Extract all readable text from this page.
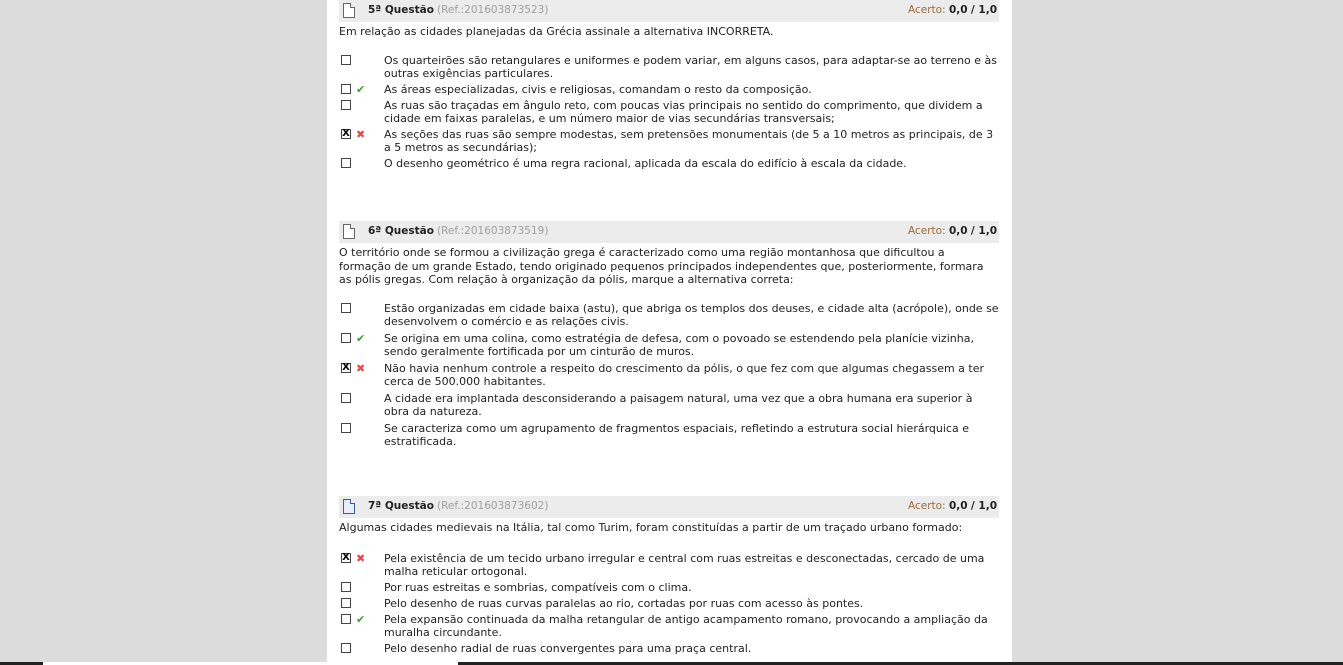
5ª Questão (Ref.:201603873523)	Acerto: 0,0 / 1,0
Em relação as cidades planejadas da Grécia assinale a alternativa INCORRETA.
Os quarteirões são retangulares e uniformes e podem variar, em alguns casos, para adaptar-se ao terreno e às outras exigências particulares.
✔ As áreas especializadas, civis e religiosas, comandam o resto da composição.
As ruas são traçadas em ângulo reto, com poucas vias principais no sentido do comprimento, que dividem a cidade em faixas paralelas, e um número maior de vias secundárias transversais;
X ✖ As seções das ruas são sempre modestas, sem pretensões monumentais (de 5 a 10 metros as principais, de 3 a 5 metros as secundárias);
O desenho geométrico é uma regra racional, aplicada da escala do edifício à escala da cidade.
6ª Questão (Ref.:201603873519)	Acerto: 0,0 / 1,0
O território onde se formou a civilização grega é caracterizado como uma região montanhosa que dificultou a formação de um grande Estado, tendo originado pequenos principados independentes que, posteriormente, formara as pólis gregas. Com relação à organização da pólis, marque a alternativa correta:
Estão organizadas em cidade baixa (astu), que abriga os templos dos deuses, e cidade alta (acrópole), onde se desenvolvem o comércio e as relações civis.
✔ Se origina em uma colina, como estratégia de defesa, com o povoado se estendendo pela planície vizinha, sendo geralmente fortificada por um cinturão de muros.
X ✖ Não havia nenhum controle a respeito do crescimento da pólis, o que fez com que algumas chegassem a ter cerca de 500.000 habitantes.
A cidade era implantada desconsiderando a paisagem natural, uma vez que a obra humana era superior à obra da natureza.
Se caracteriza como um agrupamento de fragmentos espaciais, refletindo a estrutura social hierárquica e estratificada.
7ª Questão (Ref.:201603873602)	Acerto: 0,0 / 1,0
Algumas cidades medievais na Itália, tal como Turim, foram constituídas a partir de um traçado urbano formado:
X ✖ Pela existência de um tecido urbano irregular e central com ruas estreitas e desconectadas, cercado de uma malha reticular ortogonal.
Por ruas estreitas e sombrias, compatíveis com o clima.
Pelo desenho de ruas curvas paralelas ao rio, cortadas por ruas com acesso às pontes.
✔ Pela expansão continuada da malha retangular de antigo acampamento romano, provocando a ampliação da muralha circundante.
Pelo desenho radial de ruas convergentes para uma praça central.
